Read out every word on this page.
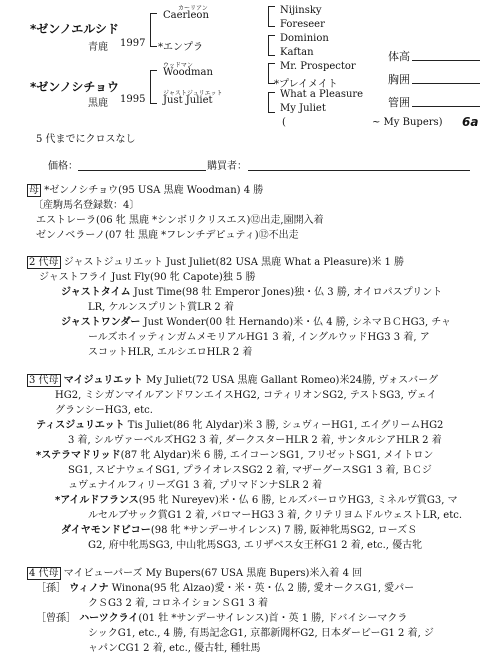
*ゼンノエルシド
青鹿 1997
*ゼンノシチョウ
黒鹿 1995
カーリアン
Caerleon
*エンプラ
ウッドマン
Woodman
ジャストジュリエット
Just Juliet
Nijinsky
Foreseer
Dominion
Kaftan
Mr. Prospector
*プレイメイト
What a Pleasure
My Juliet
(	~ My Bupers) 6a
体高
胸囲
管囲
5 代までにクロスなし
価格：	購買者：
母 *ゼンノシチョウ(95 USA 黒鹿 Woodman) 4 勝
〔産駒馬名登録数：4〕
エストレーラ(06 牝 黒鹿 *シンボリクリスエス)⑫出走,園開入着
ゼンノベラーノ(07 牡 黒鹿 *フレンチデピュティ)⑫不出走
2 代母 ジャストジュリエット Just Juliet(82 USA 黒鹿 What a Pleasure)米 1 勝
ジャストフライ Just Fly(90 牝 Capote)独 5 勝
ジャストタイム Just Time(98 牡 Emperor Jones)独・仏 3 勝, オイロパスプリント
LR, ケルンスプリント賞LR 2 着
ジャストワンダー Just Wonder(00 牡 Hernando)米・仏 4 勝, シネマＢＣHG3, チャ
ールズホイッティンガムメモリアルHG1 3 着, イングルウッドHG3 3 着, ア
スコットHLR, エルシエロHLR 2 着
3 代母 マイジュリエット My Juliet(72 USA 黒鹿 Gallant Romeo)米24勝, ヴォスバーグ
HG2, ミシガンマイルアンドワンエイスHG2, コティリオンSG2, テストSG3, ヴェイ
グランシーHG3, etc.
ティスジュリエット Tis Juliet(86 牝 Alydar)米 3 勝, シュヴィーHG1, エイグリームHG2
3 着, シルヴァーベルズHG2 3 着, ダークスターHLR 2 着, サンタルシアHLR 2 着
*ステラマドリッド(87 牝 Alydar)米 6 勝, エイコーンSG1, フリゼットSG1, メイトロン
SG1, スピナウェイSG1, プライオレスSG2 2 着, マザーグースSG1 3 着, ＢＣジ
ュヴェナイルフィリーズG1 3 着, プリマドンナSLR 2 着
*アイルドフランス(95 牝 Nureyev)米・仏 6 勝, ヒルズバーロウHG3, ミネルヴ賞G3, マ
ルセルブサック賞G1 2 着, パロマーHG3 3 着, クリテリヨムドルウェストLR, etc.
ダイヤモンドビコー(98 牝 *サンデーサイレンス) 7 勝, 阪神牝馬SG2, ローズＳ
G2, 府中牝馬SG3, 中山牝馬SG3, エリザベス女王杯G1 2 着, etc., 優古牝
4 代母 マイビューパーズ My Bupers(67 USA 黒鹿 Bupers)米入着 4 回
［孫］ ウィノナ Winona(95 牝 Alzao)愛・米・英・仏 2 勝, 愛オークスG1, 愛パー
クＳG3 2 着, コロネイションＳG1 3 着
［曾孫］ ハーツクライ(01 牡 *サンデーサイレンス)首・英 1 勝, ドバイシーマクラ
シックG1, etc., 4 勝, 有馬記念G1, 京都新聞杯G2, 日本ダービーG1 2 着, ジ
ャパンCG1 2 着, etc., 優古牡, 種牡馬
